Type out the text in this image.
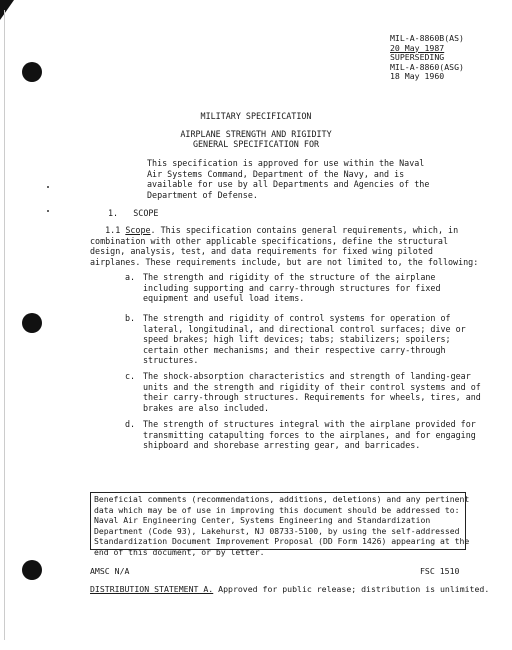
MIL-A-8860B(AS)
20 May 1987
SUPERSEDING
MIL-A-8860(ASG)
18 May 1960
MILITARY SPECIFICATION
AIRPLANE STRENGTH AND RIGIDITY
GENERAL SPECIFICATION FOR
This specification is approved for use within the Naval
Air Systems Command, Department of the Navy, and is
available for use by all Departments and Agencies of the
Department of Defense.
1. SCOPE
1.1 Scope. This specification contains general requirements, which, in
combination with other applicable specifications, define the structural
design, analysis, test, and data requirements for fixed wing piloted
airplanes. These requirements include, but are not limited to, the following:
a. The strength and rigidity of the structure of the airplane
including supporting and carry-through structures for fixed
equipment and useful load items.
b. The strength and rigidity of control systems for operation of
lateral, longitudinal, and directional control surfaces; dive or
speed brakes; high lift devices; tabs; stabilizers; spoilers;
certain other mechanisms; and their respective carry-through
structures.
c. The shock-absorption characteristics and strength of landing-gear
units and the strength and rigidity of their control systems and of
their carry-through structures. Requirements for wheels, tires, and
brakes are also included.
d. The strength of structures integral with the airplane provided for
transmitting catapulting forces to the airplanes, and for engaging
shipboard and shorebase arresting gear, and barricades.
Beneficial comments (recommendations, additions, deletions) and any pertinent
data which may be of use in improving this document should be addressed to:
Naval Air Engineering Center, Systems Engineering and Standardization
Department (Code 93), Lakehurst, NJ 08733-5100, by using the self-addressed
Standardization Document Improvement Proposal (DD Form 1426) appearing at the
end of this document, or by letter.
AMSC N/A	FSC 1510
DISTRIBUTION STATEMENT A. Approved for public release; distribution is unlimited.
